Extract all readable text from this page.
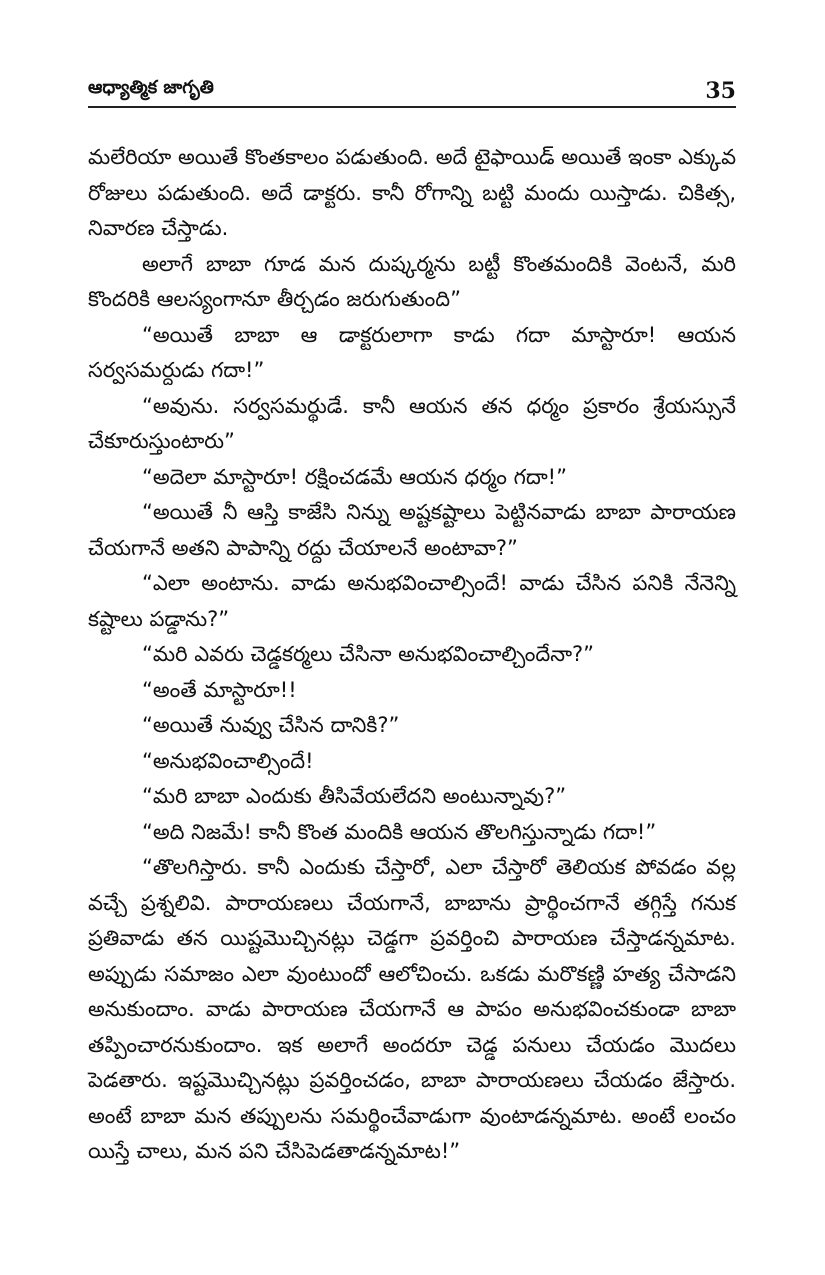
ఆధ్యాత్మిక జాగృతి	35

మలేరియా అయితే కొంతకాలం పడుతుంది. అదే టైఫాయిడ్ అయితే ఇంకా ఎక్కువ రోజులు పడుతుంది. అదే డాక్టరు. కానీ రోగాన్ని బట్టి మందు యిస్తాడు. చికిత్స, నివారణ చేస్తాడు.

అలాగే బాబా గూడ మన దుష్కర్మను బట్టీ కొంతమందికి వెంటనే, మరి కొందరికి ఆలస్యంగానూ తీర్చడం జరుగుతుంది”

“అయితే బాబా ఆ డాక్టరులాగా కాడు గదా మాస్టారూ! ఆయన సర్వసమర్దుడు గదా!”

“అవును. సర్వసమర్థుడే. కానీ ఆయన తన ధర్మం ప్రకారం శ్రేయస్సునే చేకూరుస్తుంటారు”

“అదెలా మాస్టారూ! రక్షించడమే ఆయన ధర్మం గదా!”

“అయితే నీ ఆస్తి కాజేసి నిన్ను అష్టకష్టాలు పెట్టినవాడు బాబా పారాయణ చేయగానే అతని పాపాన్ని రద్దు చేయాలనే అంటావా?”

“ఎలా అంటాను. వాడు అనుభవించాల్సిందే! వాడు చేసిన పనికి నేనెన్ని కష్టాలు పడ్డాను?”

“మరి ఎవరు చెడ్డకర్మలు చేసినా అనుభవించాల్చిందేనా?”

“అంతే మాస్టారూ!!

“అయితే నువ్వు చేసిన దానికి?”

“అనుభవించాల్సిందే!

“మరి బాబా ఎందుకు తీసివేయలేదని అంటున్నావు?”

“అది నిజమే! కానీ కొంత మందికి ఆయన తొలగిస్తున్నాడు గదా!”

“తొలగిస్తారు. కానీ ఎందుకు చేస్తారో, ఎలా చేస్తారో తెలియక పోవడం వల్ల వచ్చే ప్రశ్నలివి. పారాయణలు చేయగానే, బాబాను ప్రార్థించగానే తగ్గిస్తే గనుక ప్రతివాడు తన యిష్టమొచ్చినట్లు చెడ్డగా ప్రవర్తించి పారాయణ చేస్తాడన్నమాట. అప్పుడు సమాజం ఎలా వుంటుందో ఆలోచించు. ఒకడు మరొకణ్ణి హత్య చేసాడని అనుకుందాం. వాడు పారాయణ చేయగానే ఆ పాపం అనుభవించకుండా బాబా తప్పించారనుకుందాం. ఇక అలాగే అందరూ చెడ్డ పనులు చేయడం మొదలు పెడతారు. ఇష్టమొచ్చినట్లు ప్రవర్తించడం, బాబా పారాయణలు చేయడం జేస్తారు. అంటే బాబా మన తప్పులను సమర్థించేవాడుగా వుంటాడన్నమాట. అంటే లంచం యిస్తే చాలు, మన పని చేసిపెడతాడన్నమాట!”
